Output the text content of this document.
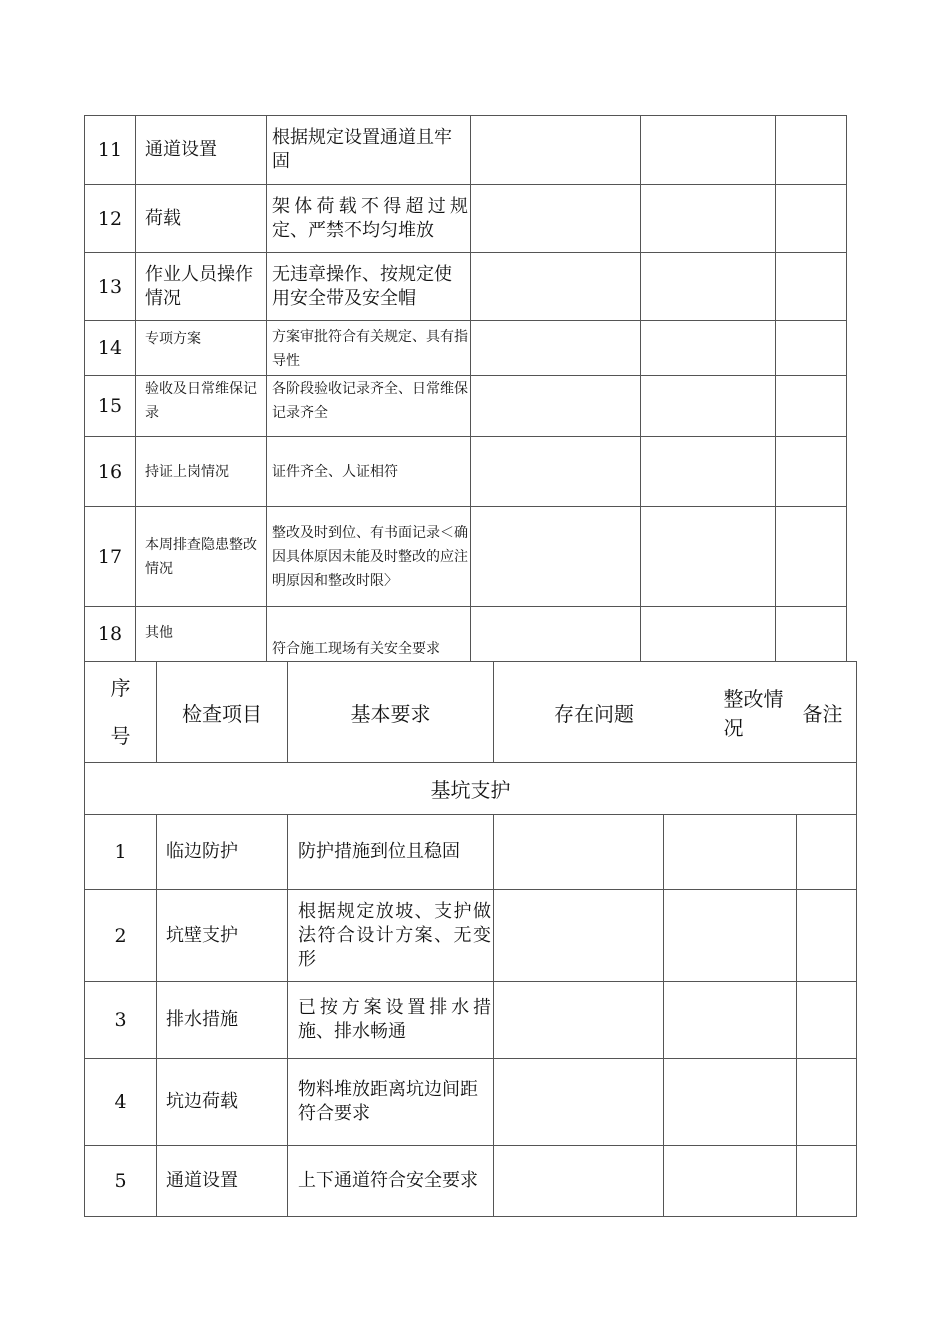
11	通道设置	根据规定设置通道且牢固			
12	荷载	架体荷载不得超过规定、严禁不均匀堆放			
13	作业人员操作情况	无违章操作、按规定使用安全带及安全帽			
14	专项方案	方案审批符合有关规定、具有指导性			
15	验收及日常维保记录	各阶段验收记录齐全、日常维保记录齐全			
16	持证上岗情况	证件齐全、人证相符			
17	本周排查隐患整改情况	整改及时到位、有书面记录＜确因具体原因未能及时整改的应注明原因和整改时限〉			
18	其他	符合施工现场有关安全要求			
序号	检查项目	基本要求	存在问题	整改情况	备注
基坑支护					
1	临边防护	防护措施到位且稳固			
2	坑壁支护	根据规定放坡、支护做法符合设计方案、无变形			
3	排水措施	已按方案设置排水措施、排水畅通			
4	坑边荷载	物料堆放距离坑边间距符合要求			
5	通道设置	上下通道符合安全要求			
